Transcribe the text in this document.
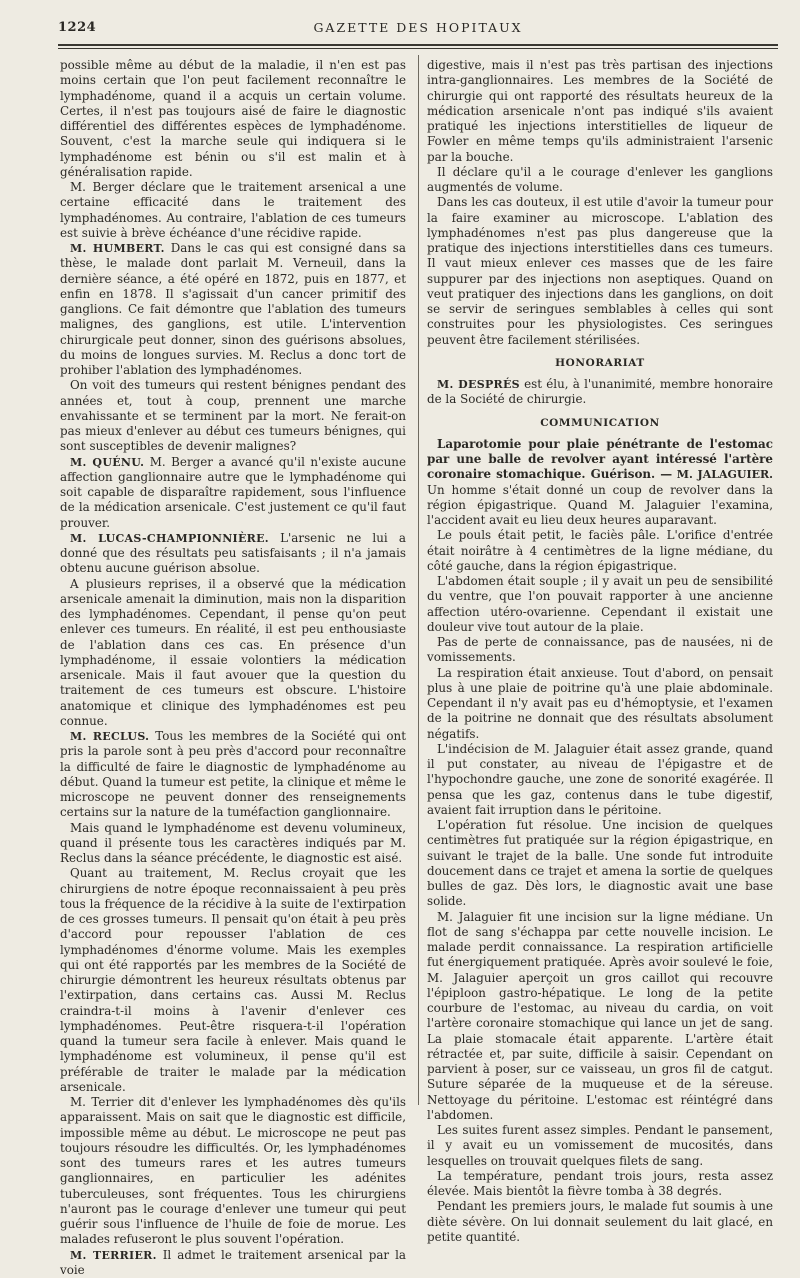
1224	GAZETTE DES HOPITAUX

possible même au début de la maladie, il n'en est pas moins certain que l'on peut facilement reconnaître le lymphadénome, quand il a acquis un certain volume. Certes, il n'est pas toujours aisé de faire le diagnostic différentiel des différentes espèces de lymphadénome. Souvent, c'est la marche seule qui indiquera si le lymphadénome est bénin ou s'il est malin et à généralisation rapide.

M. Berger déclare que le traitement arsenical a une certaine efficacité dans le traitement des lymphadénomes. Au contraire, l'ablation de ces tumeurs est suivie à brève échéance d'une récidive rapide.

M. HUMBERT. Dans le cas qui est consigné dans sa thèse, le malade dont parlait M. Verneuil, dans la dernière séance, a été opéré en 1872, puis en 1877, et enfin en 1878. Il s'agissait d'un cancer primitif des ganglions. Ce fait démontre que l'ablation des tumeurs malignes, des ganglions, est utile. L'intervention chirurgicale peut donner, sinon des guérisons absolues, du moins de longues survies. M. Reclus a donc tort de prohiber l'ablation des lymphadénomes.

On voit des tumeurs qui restent bénignes pendant des années et, tout à coup, prennent une marche envahissante et se terminent par la mort. Ne ferait-on pas mieux d'enlever au début ces tumeurs bénignes, qui sont susceptibles de devenir malignes?

M. QUÉNU. M. Berger a avancé qu'il n'existe aucune affection ganglionnaire autre que le lymphadénome qui soit capable de disparaître rapidement, sous l'influence de la médication arsenicale. C'est justement ce qu'il faut prouver.

M. LUCAS-CHAMPIONNIÈRE. L'arsenic ne lui a donné que des résultats peu satisfaisants ; il n'a jamais obtenu aucune guérison absolue.

A plusieurs reprises, il a observé que la médication arsenicale amenait la diminution, mais non la disparition des lymphadénomes. Cependant, il pense qu'on peut enlever ces tumeurs. En réalité, il est peu enthousiaste de l'ablation dans ces cas. En présence d'un lymphadénome, il essaie volontiers la médication arsenicale. Mais il faut avouer que la question du traitement de ces tumeurs est obscure. L'histoire anatomique et clinique des lymphadénomes est peu connue.

M. RECLUS. Tous les membres de la Société qui ont pris la parole sont à peu près d'accord pour reconnaître la difficulté de faire le diagnostic de lymphadénome au début. Quand la tumeur est petite, la clinique et même le microscope ne peuvent donner des renseignements certains sur la nature de la tuméfaction ganglionnaire.

Mais quand le lymphadénome est devenu volumineux, quand il présente tous les caractères indiqués par M. Reclus dans la séance précédente, le diagnostic est aisé.

Quant au traitement, M. Reclus croyait que les chirurgiens de notre époque reconnaissaient à peu près tous la fréquence de la récidive à la suite de l'extirpation de ces grosses tumeurs. Il pensait qu'on était à peu près d'accord pour repousser l'ablation de ces lymphadénomes d'énorme volume. Mais les exemples qui ont été rapportés par les membres de la Société de chirurgie démontrent les heureux résultats obtenus par l'extirpation, dans certains cas. Aussi M. Reclus craindra-t-il moins à l'avenir d'enlever ces lymphadénomes. Peut-être risquera-t-il l'opération quand la tumeur sera facile à enlever. Mais quand le lymphadénome est volumineux, il pense qu'il est préférable de traiter le malade par la médication arsenicale.

M. Terrier dit d'enlever les lymphadénomes dès qu'ils apparaissent. Mais on sait que le diagnostic est difficile, impossible même au début. Le microscope ne peut pas toujours résoudre les difficultés. Or, les lymphadénomes sont des tumeurs rares et les autres tumeurs ganglionnaires, en particulier les adénites tuberculeuses, sont fréquentes. Tous les chirurgiens n'auront pas le courage d'enlever une tumeur qui peut guérir sous l'influence de l'huile de foie de morue. Les malades refuseront le plus souvent l'opération.

M. TERRIER. Il admet le traitement arsenical par la voie

digestive, mais il n'est pas très partisan des injections intra-ganglionnaires. Les membres de la Société de chirurgie qui ont rapporté des résultats heureux de la médication arsenicale n'ont pas indiqué s'ils avaient pratiqué les injections interstitielles de liqueur de Fowler en même temps qu'ils administraient l'arsenic par la bouche.

Il déclare qu'il a le courage d'enlever les ganglions augmentés de volume.

Dans les cas douteux, il est utile d'avoir la tumeur pour la faire examiner au microscope. L'ablation des lymphadénomes n'est pas plus dangereuse que la pratique des injections interstitielles dans ces tumeurs. Il vaut mieux enlever ces masses que de les faire suppurer par des injections non aseptiques. Quand on veut pratiquer des injections dans les ganglions, on doit se servir de seringues semblables à celles qui sont construites pour les physiologistes. Ces seringues peuvent être facilement stérilisées.

HONORARIAT

M. DESPRÉS est élu, à l'unanimité, membre honoraire de la Société de chirurgie.

COMMUNICATION

Laparotomie pour plaie pénétrante de l'estomac par une balle de revolver ayant intéressé l'artère coronaire stomachique. Guérison. — M. JALAGUIER. Un homme s'était donné un coup de revolver dans la région épigastrique. Quand M. Jalaguier l'examina, l'accident avait eu lieu deux heures auparavant.

Le pouls était petit, le faciès pâle. L'orifice d'entrée était noirâtre à 4 centimètres de la ligne médiane, du côté gauche, dans la région épigastrique.

L'abdomen était souple ; il y avait un peu de sensibilité du ventre, que l'on pouvait rapporter à une ancienne affection utéro-ovarienne. Cependant il existait une douleur vive tout autour de la plaie.

Pas de perte de connaissance, pas de nausées, ni de vomissements.

La respiration était anxieuse. Tout d'abord, on pensait plus à une plaie de poitrine qu'à une plaie abdominale. Cependant il n'y avait pas eu d'hémoptysie, et l'examen de la poitrine ne donnait que des résultats absolument négatifs.

L'indécision de M. Jalaguier était assez grande, quand il put constater, au niveau de l'épigastre et de l'hypochondre gauche, une zone de sonorité exagérée. Il pensa que les gaz, contenus dans le tube digestif, avaient fait irruption dans le péritoine.

L'opération fut résolue. Une incision de quelques centimètres fut pratiquée sur la région épigastrique, en suivant le trajet de la balle. Une sonde fut introduite doucement dans ce trajet et amena la sortie de quelques bulles de gaz. Dès lors, le diagnostic avait une base solide.

M. Jalaguier fit une incision sur la ligne médiane. Un flot de sang s'échappa par cette nouvelle incision. Le malade perdit connaissance. La respiration artificielle fut énergiquement pratiquée. Après avoir soulevé le foie, M. Jalaguier aperçoit un gros caillot qui recouvre l'épiploon gastro-hépatique. Le long de la petite courbure de l'estomac, au niveau du cardia, on voit l'artère coronaire stomachique qui lance un jet de sang. La plaie stomacale était apparente. L'artère était rétractée et, par suite, difficile à saisir. Cependant on parvient à poser, sur ce vaisseau, un gros fil de catgut. Suture séparée de la muqueuse et de la séreuse. Nettoyage du péritoine. L'estomac est réintégré dans l'abdomen.

Les suites furent assez simples. Pendant le pansement, il y avait eu un vomissement de mucosités, dans lesquelles on trouvait quelques filets de sang.

La température, pendant trois jours, resta assez élevée. Mais bientôt la fièvre tomba à 38 degrés.

Pendant les premiers jours, le malade fut soumis à une diète sévère. On lui donnait seulement du lait glacé, en petite quantité.
